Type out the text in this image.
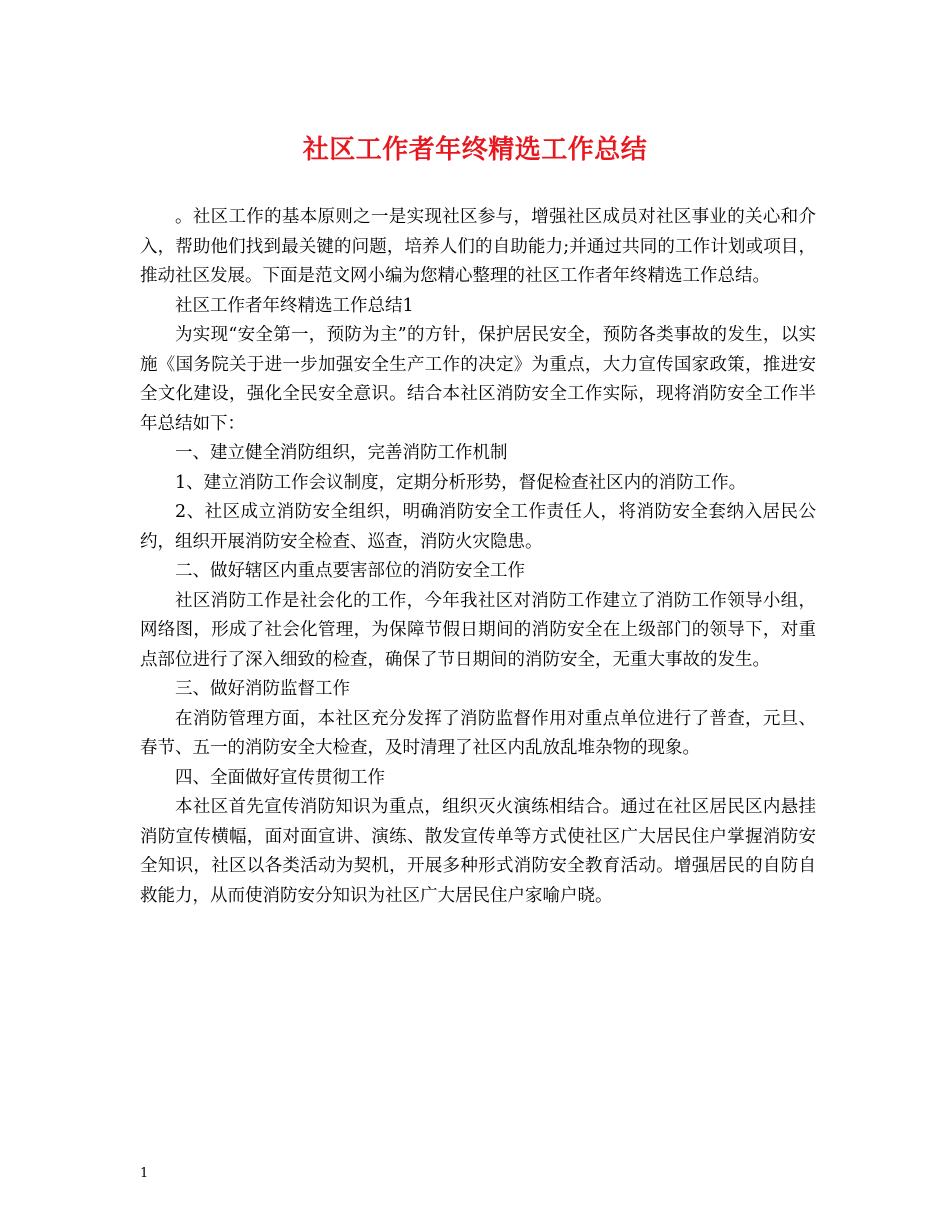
社区工作者年终精选工作总结

。社区工作的基本原则之一是实现社区参与，增强社区成员对社区事业的关心和介入，帮助他们找到最关键的问题，培养人们的自助能力;并通过共同的工作计划或项目，推动社区发展。下面是范文网小编为您精心整理的社区工作者年终精选工作总结。

社区工作者年终精选工作总结1

为实现“安全第一，预防为主”的方针，保护居民安全，预防各类事故的发生，以实施《国务院关于进一步加强安全生产工作的决定》为重点，大力宣传国家政策，推进安全文化建设，强化全民安全意识。结合本社区消防安全工作实际，现将消防安全工作半年总结如下：

一、建立健全消防组织，完善消防工作机制

1、建立消防工作会议制度，定期分析形势，督促检查社区内的消防工作。

2、社区成立消防安全组织，明确消防安全工作责任人，将消防安全套纳入居民公约，组织开展消防安全检查、巡查，消防火灾隐患。

二、做好辖区内重点要害部位的消防安全工作

社区消防工作是社会化的工作，今年我社区对消防工作建立了消防工作领导小组，网络图，形成了社会化管理，为保障节假日期间的消防安全在上级部门的领导下，对重点部位进行了深入细致的检查，确保了节日期间的消防安全，无重大事故的发生。

三、做好消防监督工作

在消防管理方面，本社区充分发挥了消防监督作用对重点单位进行了普查，元旦、春节、五一的消防安全大检查，及时清理了社区内乱放乱堆杂物的现象。

四、全面做好宣传贯彻工作

本社区首先宣传消防知识为重点，组织灭火演练相结合。通过在社区居民区内悬挂消防宣传横幅，面对面宣讲、演练、散发宣传单等方式使社区广大居民住户掌握消防安全知识，社区以各类活动为契机，开展多种形式消防安全教育活动。增强居民的自防自救能力，从而使消防安分知识为社区广大居民住户家喻户晓。

1
